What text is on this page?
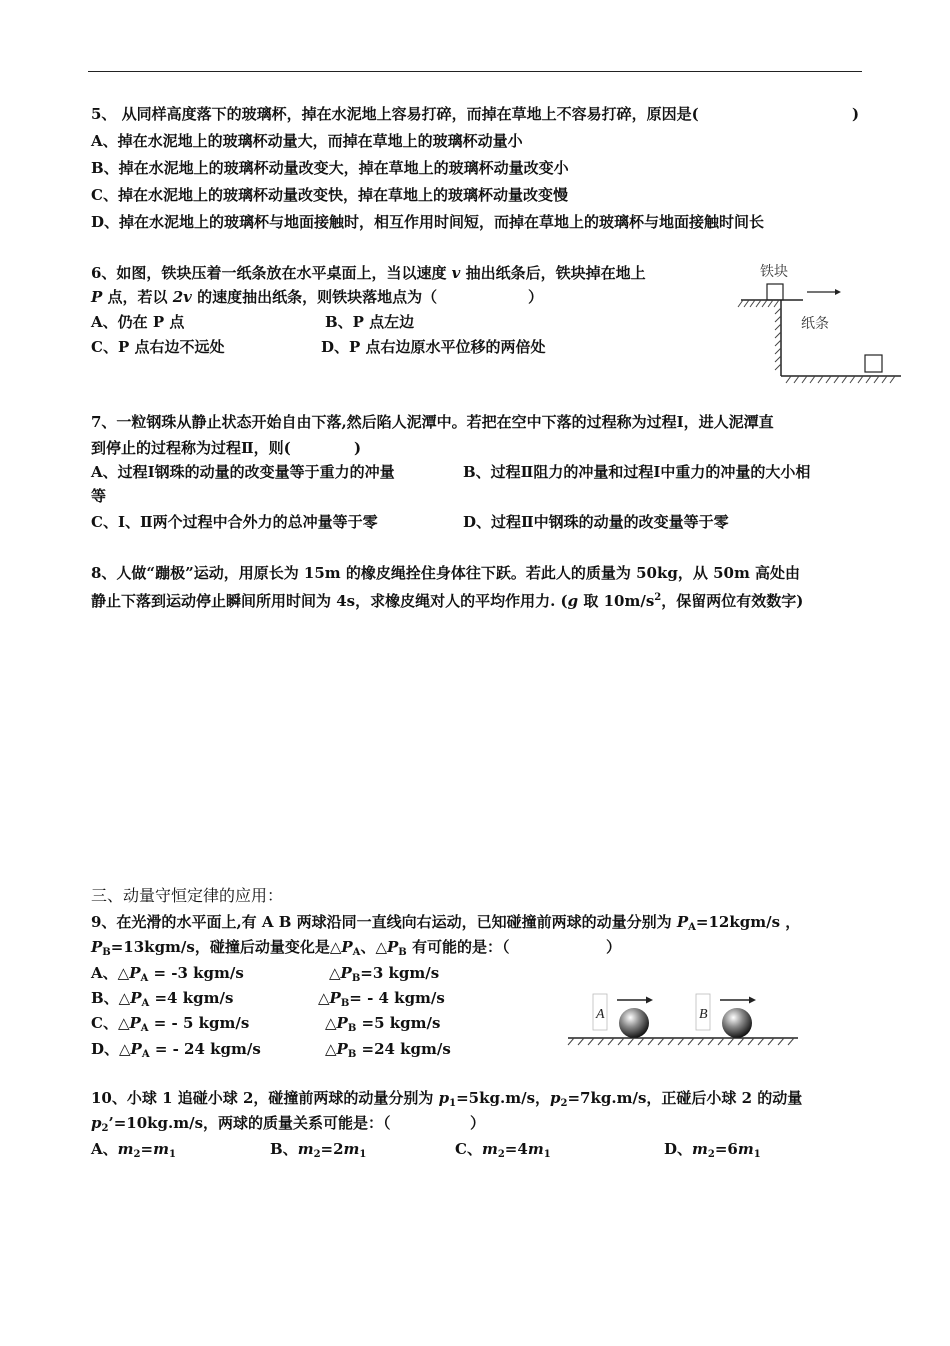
5、 从同样高度落下的玻璃杯，掉在水泥地上容易打碎，而掉在草地上不容易打碎，原因是(	)
A、掉在水泥地上的玻璃杯动量大，而掉在草地上的玻璃杯动量小
B、掉在水泥地上的玻璃杯动量改变大，掉在草地上的玻璃杯动量改变小
C、掉在水泥地上的玻璃杯动量改变快，掉在草地上的玻璃杯动量改变慢
D、掉在水泥地上的玻璃杯与地面接触时，相互作用时间短，而掉在草地上的玻璃杯与地面接触时间长
6、如图，铁块压着一纸条放在水平桌面上，当以速度 v 抽出纸条后，铁块掉在地上
P 点，若以 2v 的速度抽出纸条，则铁块落地点为（	）
A、仍在 P 点	B、P 点左边
C、P 点右边不远处	D、P 点右边原水平位移的两倍处
铁块
纸条
7、一粒钢珠从静止状态开始自由下落,然后陷人泥潭中。若把在空中下落的过程称为过程Ⅰ，进人泥潭直
到停止的过程称为过程Ⅱ，则(	)
A、过程Ⅰ钢珠的动量的改变量等于重力的冲量	B、过程Ⅱ阻力的冲量和过程Ⅰ中重力的冲量的大小相
等
C、Ⅰ、Ⅱ两个过程中合外力的总冲量等于零	D、过程Ⅱ中钢珠的动量的改变量等于零
8、人做“蹦极”运动，用原长为 15m 的橡皮绳拴住身体往下跃。若此人的质量为 50kg，从 50m 高处由
静止下落到运动停止瞬间所用时间为 4s，求橡皮绳对人的平均作用力. (g 取 $10m/s^2$，保留两位有效数字)
三、动量守恒定律的应用：
9、在光滑的水平面上,有 A B 两球沿同一直线向右运动，已知碰撞前两球的动量分别为 $P_A=12kgm/s$ ，
$P_B=13kgm/s$，碰撞后动量变化是$\triangle P_A$、$\triangle P_B$ 有可能的是：（	）
A、$\triangle P_A = -3$ kgm/s	$\triangle P_B=3$ kgm/s
B、$\triangle P_A =4$ kgm/s	$\triangle P_B= - 4$ kgm/s
C、$\triangle P_A$ = - 5 kgm/s	$\triangle P_B =5$ kgm/s
D、$\triangle P_A$ = - 24 kgm/s	$\triangle P_B =24$ kgm/s
A	B
10、小球 1 追碰小球 2，碰撞前两球的动量分别为 $p_1=5kg.m/s$，$p_2=7kg.m/s$，正碰后小球 2 的动量
$p_2’=10kg.m/s$，两球的质量关系可能是：（	）
A、$m_2=m_1$	B、$m_2=2m_1$	C、$m_2=4m_1$	D、$m_2=6m_1$
